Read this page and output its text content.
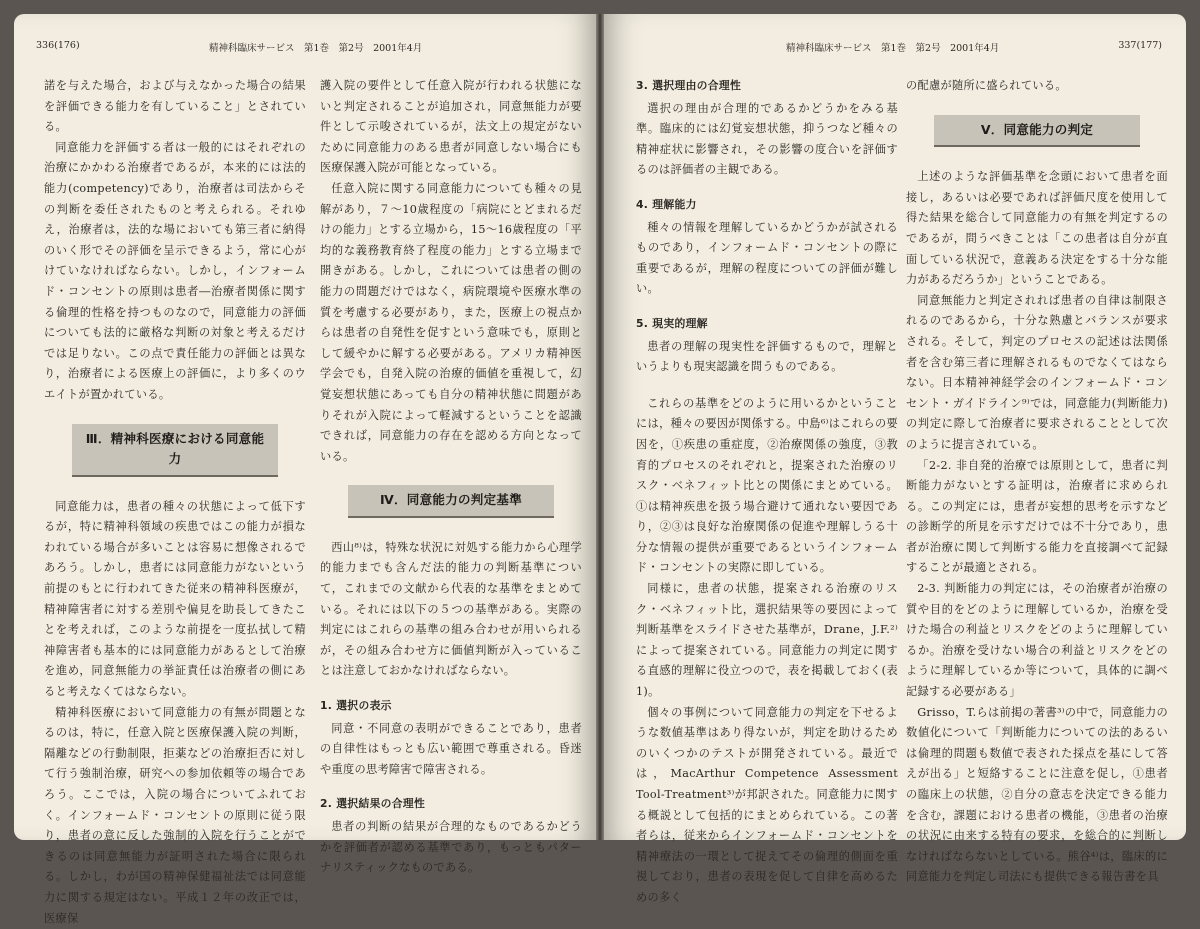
336(176)	精神科臨床サービス　第1巻　第2号　2001年4月

諾を与えた場合，および与えなかった場合の結果を評価できる能力を有していること」とされている。

同意能力を評価する者は一般的にはそれぞれの治療にかかわる治療者であるが，本来的には法的能力(competency)であり，治療者は司法からその判断を委任されたものと考えられる。それゆえ，治療者は，法的な場においても第三者に納得のいく形でその評価を呈示できるよう，常に心がけていなければならない。しかし，インフォームド・コンセントの原則は患者―治療者関係に関する倫理的性格を持つものなので，同意能力の評価についても法的に厳格な判断の対象と考えるだけでは足りない。この点で責任能力の評価とは異なり，治療者による医療上の評価に，より多くのウエイトが置かれている。

Ⅲ．精神科医療における同意能力

同意能力は，患者の種々の状態によって低下するが，特に精神科領域の疾患ではこの能力が損なわれている場合が多いことは容易に想像されるであろう。しかし，患者には同意能力がないという前提のもとに行われてきた従来の精神科医療が，精神障害者に対する差別や偏見を助長してきたことを考えれば，このような前提を一度払拭して精神障害者も基本的には同意能力があるとして治療を進め，同意無能力の挙証責任は治療者の側にあると考えなくてはならない。

精神科医療において同意能力の有無が問題となるのは，特に，任意入院と医療保護入院の判断，隔離などの行動制限，拒薬などの治療拒否に対して行う強制治療，研究への参加依頼等の場合であろう。ここでは，入院の場合についてふれておく。インフォームド・コンセントの原則に従う限り，患者の意に反した強制的入院を行うことができるのは同意無能力が証明された場合に限られる。しかし，わが国の精神保健福祉法では同意能力に関する規定はない。平成１２年の改正では，医療保

護入院の要件として任意入院が行われる状態にないと判定されることが追加され，同意無能力が要件として示唆されているが，法文上の規定がないために同意能力のある患者が同意しない場合にも医療保護入院が可能となっている。

任意入院に関する同意能力についても種々の見解があり，７～10歳程度の「病院にとどまれるだけの能力」とする立場から，15～16歳程度の「平均的な義務教育終了程度の能力」とする立場まで開きがある。しかし，これについては患者の側の能力の問題だけではなく，病院環境や医療水準の質を考慮する必要があり，また，医療上の視点からは患者の自発性を促すという意味でも，原則として緩やかに解する必要がある。アメリカ精神医学会でも，自発入院の治療的価値を重視して，幻覚妄想状態にあっても自分の精神状態に問題がありそれが入院によって軽減するということを認識できれば，同意能力の存在を認める方向となっている。

Ⅳ．同意能力の判定基準

西山⁸⁾は，特殊な状況に対処する能力から心理学的能力までも含んだ法的能力の判断基準について，これまでの文献から代表的な基準をまとめている。それには以下の５つの基準がある。実際の判定にはこれらの基準の組み合わせが用いられるが，その組み合わせ方に価値判断が入っていることは注意しておかなければならない。

1. 選択の表示

同意・不同意の表明ができることであり，患者の自律性はもっとも広い範囲で尊重される。昏迷や重度の思考障害で障害される。

2. 選択結果の合理性

患者の判断の結果が合理的なものであるかどうかを評価者が認める基準であり，もっともパターナリスティックなものである。

精神科臨床サービス　第1巻　第2号　2001年4月	337(177)
3. 選択理由の合理性

選択の理由が合理的であるかどうかをみる基準。臨床的には幻覚妄想状態，抑うつなど種々の精神症状に影響され，その影響の度合いを評価するのは評価者の主観である。

4. 理解能力

種々の情報を理解しているかどうかが試されるものであり，インフォームド・コンセントの際に重要であるが，理解の程度についての評価が難しい。

5. 現実的理解

患者の理解の現実性を評価するもので，理解というよりも現実認識を問うものである。

これらの基準をどのように用いるかということには，種々の要因が関係する。中島⁶⁾はこれらの要因を，①疾患の重症度，②治療関係の強度，③教育的プロセスのそれぞれと，提案された治療のリスク・ベネフィット比との関係にまとめている。①は精神疾患を扱う場合避けて通れない要因であり，②③は良好な治療関係の促進や理解しうる十分な情報の提供が重要であるというインフォームド・コンセントの実際に即している。

同様に，患者の状態，提案される治療のリスク・ベネフィット比，選択結果等の要因によって判断基準をスライドさせた基準が，Drane，J.F.²⁾によって提案されている。同意能力の判定に関する直感的理解に役立つので，表を掲載しておく(表1)。

個々の事例について同意能力の判定を下せるような数値基準はあり得ないが，判定を助けるためのいくつかのテストが開発されている。最近では，MacArthur Competence Assessment Tool-Treatment³⁾が邦訳された。同意能力に関する概説として包括的にまとめられている。この著者らは，従来からインフォームド・コンセントを精神療法の一環として捉えてその倫理的側面を重視しており，患者の表現を促して自律を高めるための多く

の配慮が随所に盛られている。

Ⅴ．同意能力の判定

上述のような評価基準を念頭において患者を面接し，あるいは必要であれば評価尺度を使用して得た結果を総合して同意能力の有無を判定するのであるが，問うべきことは「この患者は自分が直面している状況で，意義ある決定をする十分な能力があるだろうか」ということである。

同意無能力と判定されれば患者の自律は制限されるのであるから，十分な熟慮とバランスが要求される。そして，判定のプロセスの記述は法関係者を含む第三者に理解されるものでなくてはならない。日本精神神経学会のインフォームド・コンセント・ガイドライン⁹⁾では，同意能力(判断能力)の判定に際して治療者に要求されることとして次のように提言されている。

「2-2. 非自発的治療では原則として，患者に判断能力がないとする証明は，治療者に求められる。この判定には，患者が妄想的思考を示すなどの診断学的所見を示すだけでは不十分であり，患者が治療に関して判断する能力を直接調べて記録することが最適とされる。

2-3. 判断能力の判定には，その治療者が治療の質や目的をどのように理解しているか，治療を受けた場合の利益とリスクをどのように理解しているか。治療を受けない場合の利益とリスクをどのように理解しているか等について，具体的に調べ記録する必要がある」

Grisso，T.らは前掲の著書³⁾の中で，同意能力の数値化について「判断能力についての法的あるいは倫理的問題も数値で表された採点を基にして答えが出る」と短絡することに注意を促し，①患者の臨床上の状態，②自分の意志を決定できる能力を含む，課題における患者の機能，③患者の治療の状況に由来する特有の要求，を総合的に判断しなければならないとしている。熊谷⁴⁾は，臨床的に同意能力を判定し司法にも提供できる報告書を具
